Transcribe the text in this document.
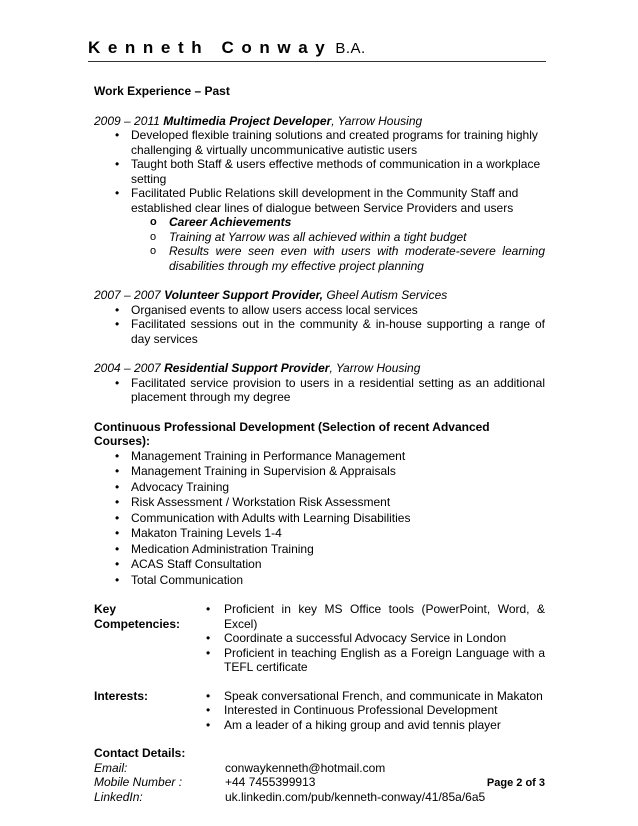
Kenneth Conway B.A.
Work Experience – Past
2009 – 2011 Multimedia Project Developer, Yarrow Housing
• Developed flexible training solutions and created programs for training highly challenging & virtually uncommunicative autistic users
• Taught both Staff & users effective methods of communication in a workplace setting
• Facilitated Public Relations skill development in the Community Staff and established clear lines of dialogue between Service Providers and users
o Career Achievements
o Training at Yarrow was all achieved within a tight budget
o Results were seen even with users with moderate-severe learning disabilities through my effective project planning
2007 – 2007 Volunteer Support Provider, Gheel Autism Services
• Organised events to allow users access local services
• Facilitated sessions out in the community & in-house supporting a range of day services
2004 – 2007 Residential Support Provider, Yarrow Housing
• Facilitated service provision to users in a residential setting as an additional placement through my degree
Continuous Professional Development (Selection of recent Advanced Courses):
• Management Training in Performance Management
• Management Training in Supervision & Appraisals
• Advocacy Training
• Risk Assessment / Workstation Risk Assessment
• Communication with Adults with Learning Disabilities
• Makaton Training Levels 1-4
• Medication Administration Training
• ACAS Staff Consultation
• Total Communication
Key Competencies:
• Proficient in key MS Office tools (PowerPoint, Word, & Excel)
• Coordinate a successful Advocacy Service in London
• Proficient in teaching English as a Foreign Language with a TEFL certificate
Interests:
•	Speak conversational French, and communicate in Makaton
• Interested in Continuous Professional Development
• Am a leader of a hiking group and avid tennis player
Contact Details:
Email:	conwaykenneth@hotmail.com
Mobile Number :	+44 7455399913
LinkedIn:	uk.linkedin.com/pub/kenneth-conway/41/85a/6a5
Page 2 of 3
